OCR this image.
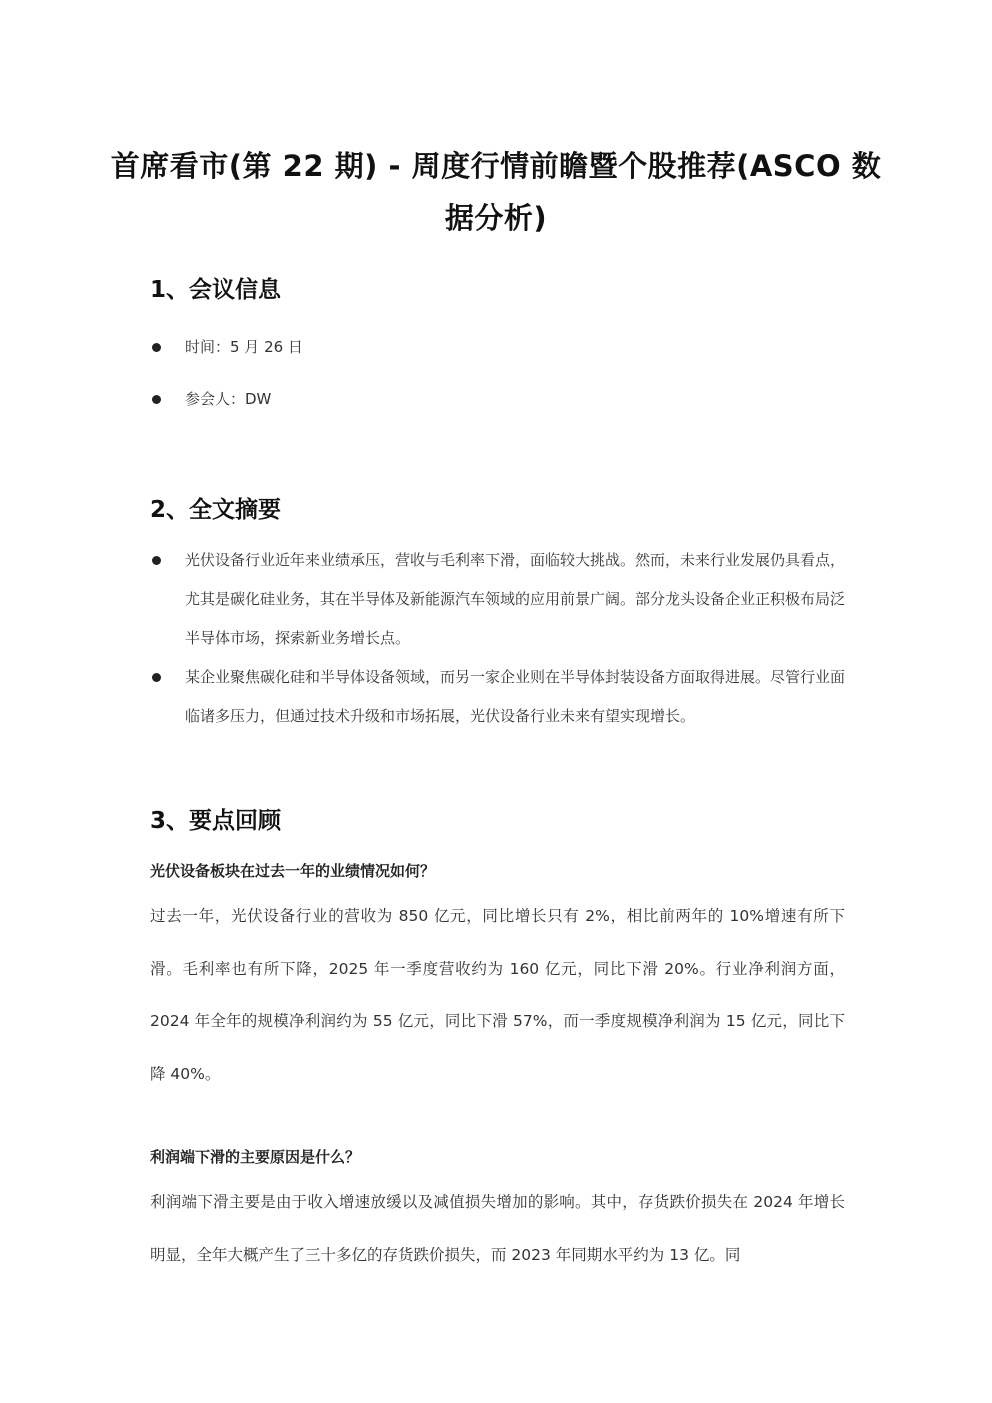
首席看市(第 22 期) - 周度行情前瞻暨个股推荐(ASCO 数据分析)
1、会议信息
时间：5 月 26 日
参会人：DW
2、全文摘要
光伏设备行业近年来业绩承压，营收与毛利率下滑，面临较大挑战。然而，未来行业发展仍具看点，尤其是碳化硅业务，其在半导体及新能源汽车领域的应用前景广阔。部分龙头设备企业正积极布局泛半导体市场，探索新业务增长点。
某企业聚焦碳化硅和半导体设备领域，而另一家企业则在半导体封装设备方面取得进展。尽管行业面临诸多压力，但通过技术升级和市场拓展，光伏设备行业未来有望实现增长。
3、要点回顾
光伏设备板块在过去一年的业绩情况如何？
过去一年，光伏设备行业的营收为 850 亿元，同比增长只有 2%，相比前两年的 10%增速有所下滑。毛利率也有所下降，2025 年一季度营收约为 160 亿元，同比下滑 20%。行业净利润方面，2024 年全年的规模净利润约为 55 亿元，同比下滑 57%，而一季度规模净利润为 15 亿元，同比下降 40%。
利润端下滑的主要原因是什么？
利润端下滑主要是由于收入增速放缓以及减值损失增加的影响。其中，存货跌价损失在 2024 年增长明显，全年大概产生了三十多亿的存货跌价损失，而 2023 年同期水平约为 13 亿。同
